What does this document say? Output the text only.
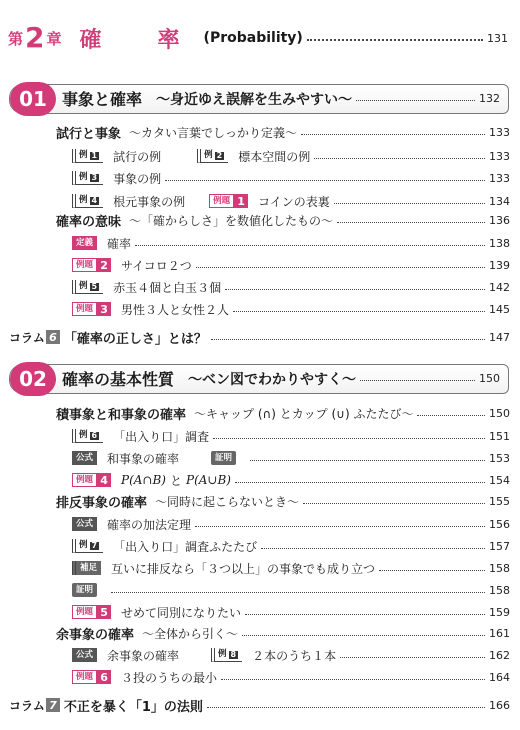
第 2 章 確	率 (Probability)	131
01 事象と確率 ～身近ゆえ誤解を生みやすい～	132
試行と事象 ～カタい言葉でしっかり定義～	133
例 1 試行の例	例 2 標本空間の例	133
例 3 事象の例	133
例 4 根元事象の例	例題 1 コインの表裏	134
確率の意味 ～「確からしさ」を数値化したもの～	136
定義	確率	138
例題 2 サイコロ２つ	139
例 5 赤玉４個と白玉３個	142
例題 3 男性３人と女性２人	145
コラム 6 「確率の正しさ」とは？	147
02 確率の基本性質 ～ベン図でわかりやすく～	150
積事象と和事象の確率 ～キャップ (∩) とカップ (∪) ふたたび～	150
例 6 「出入り口」調査	151
公式	和事象の確率	証明	153
例題 4 P(A∩B) と P(A∪B)	154
排反事象の確率 ～同時に起こらないとき～	155
公式	確率の加法定理	156
例 7 「出入り口」調査ふたたび	157
補足	互いに排反なら「３つ以上」の事象でも成り立つ	158
証明	158
例題 5 せめて同別になりたい	159
余事象の確率 ～全体から引く～	161
公式	余事象の確率	例 8 ２本のうち１本	162
例題 6 ３投のうちの最小	164
コラム 7 不正を暴く「1」の法則	166
